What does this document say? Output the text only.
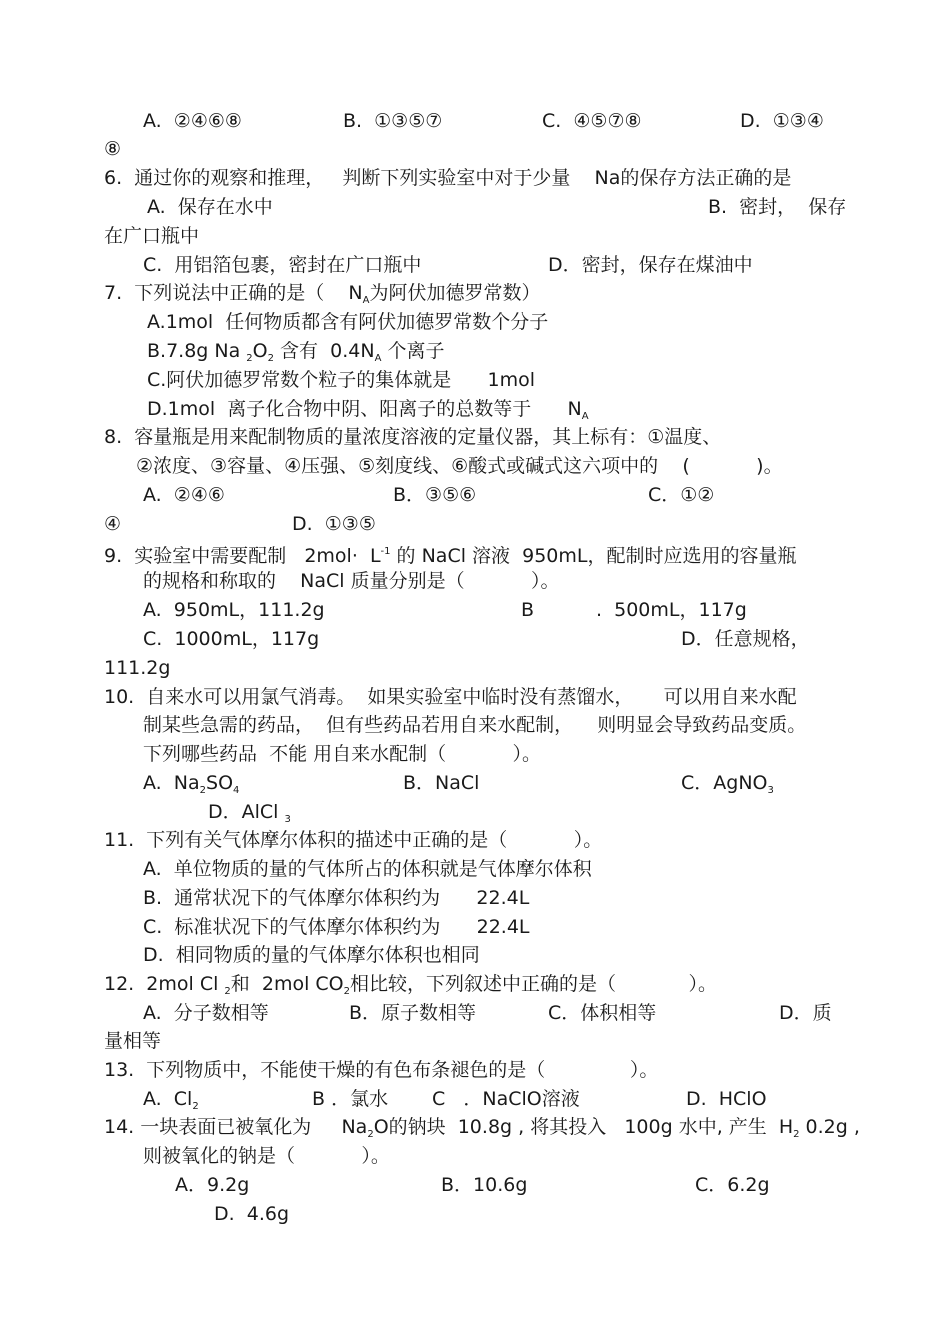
A.  ②④⑥⑧	B.  ①③⑤⑦	C.  ④⑤⑦⑧	D.  ①③④
⑧
6.  通过你的观察和推理，   判断下列实验室中对于少量    Na的保存方法正确的是
A.  保存在水中	B.  密封，  保存
在广口瓶中
C.  用铝箔包裹，密封在广口瓶中	D．密封，保存在煤油中
7.  下列说法中正确的是（    $N_A$为阿伏加德罗常数）
A.1mol  任何物质都含有阿伏加德罗常数个分子
B.7.8g Na $_2O_2$ 含有  $0.4N_A$ 个离子
C.阿伏加德罗常数个粒子的集体就是      1mol
D.1mol  离子化合物中阴、阳离子的总数等于      $N_A$
8.  容量瓶是用来配制物质的量浓度溶液的定量仪器，其上标有：①温度、
②浓度、③容量、④压强、⑤刻度线、⑥酸式或碱式这六项中的    (           )。
A.  ②④⑥	B．③⑤⑥	C．①②
④	D.  ①③⑤
9.  实验室中需要配制   $2mol\cdot L^{-1}$ 的 NaCl 溶液  950mL，配制时应选用的容量瓶
的规格和称取的    NaCl 质量分别是（           ）。
A.  950mL，111.2g	B	.  500mL，117g
C.  1000mL，117g	D．任意规格，
111.2g
10.  自来水可以用氯气消毒。  如果实验室中临时没有蒸馏水，     可以用自来水配
制某些急需的药品，  但有些药品若用自来水配制，    则明显会导致药品变质。
下列哪些药品  不能 用自来水配制（           ）。
A.  $Na_2SO_4$	B．NaCl	C．AgNO$_3$
D．AlCl $_3$
11.  下列有关气体摩尔体积的描述中正确的是（           ）。
A.  单位物质的量的气体所占的体积就是气体摩尔体积
B.  通常状况下的气体摩尔体积约为      22.4L
C.  标准状况下的气体摩尔体积约为      22.4L
D.  相同物质的量的气体摩尔体积也相同
12.  2mol Cl $_2$和  2mol $CO_2$相比较，下列叙述中正确的是（            ）。
A.  分子数相等	B．原子数相等	C．体积相等	D．质
量相等
13.  下列物质中，不能使干燥的有色布条褪色的是（              ）。
A.  $Cl_2$	B ．氯水 C   ．NaClO溶液	D.  HClO
14. 一块表面已被氧化为     $Na_2O$的钠块  10.8g , 将其投入   100g 水中, 产生  $H_2$ 0.2g ,
则被氧化的钠是（           ）。
A．9.2g	B．10.6g	C．6.2g
D.  4.6g
